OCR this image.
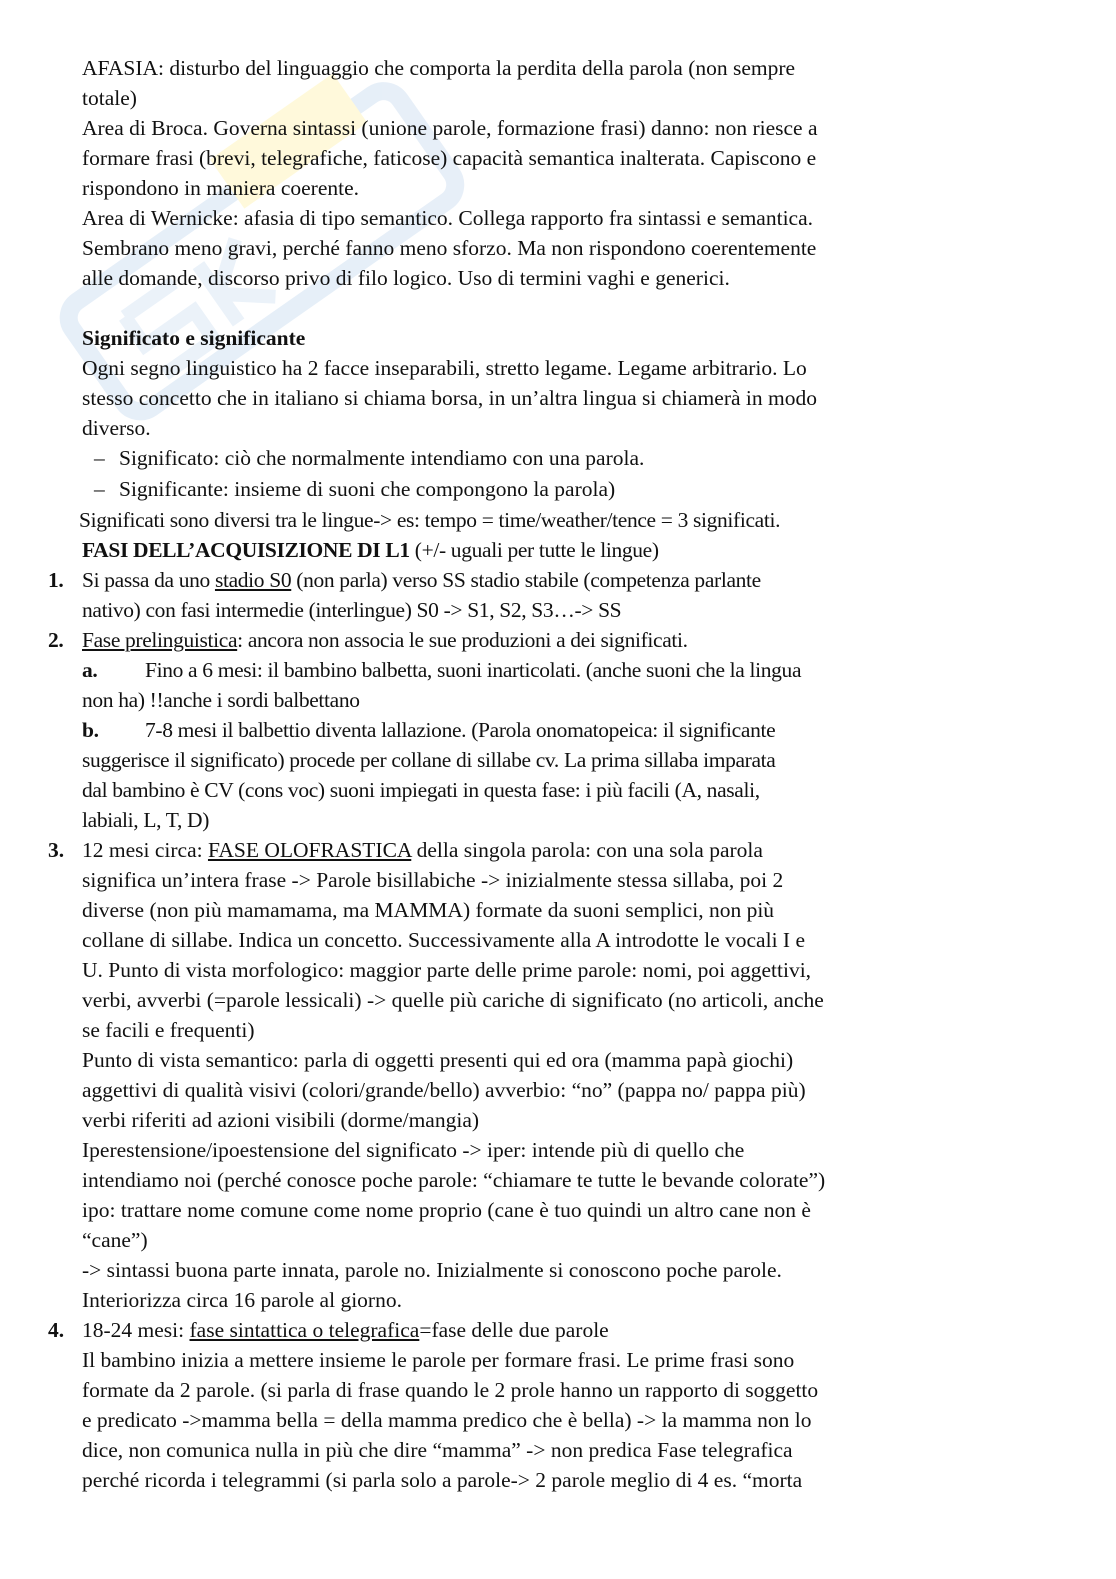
AFASIA: disturbo del linguaggio che comporta la perdita della parola (non sempre
totale)
Area di Broca. Governa sintassi (unione parole, formazione frasi) danno: non riesce a
formare frasi (brevi, telegrafiche, faticose) capacità semantica inalterata. Capiscono e
rispondono in maniera coerente.
Area di Wernicke: afasia di tipo semantico. Collega rapporto fra sintassi e semantica.
Sembrano meno gravi, perché fanno meno sforzo. Ma non rispondono coerentemente
alle domande, discorso privo di filo logico. Uso di termini vaghi e generici.
Significato e significante
Ogni segno linguistico ha 2 facce inseparabili, stretto legame. Legame arbitrario. Lo
stesso concetto che in italiano si chiama borsa, in un’altra lingua si chiamerà in modo
diverso.
– Significato: ciò che normalmente intendiamo con una parola.
– Significante: insieme di suoni che compongono la parola)
Significati sono diversi tra le lingue-> es: tempo = time/weather/tence = 3 significati.
FASI DELL’ACQUISIZIONE DI L1 (+/- uguali per tutte le lingue)
1. Si passa da uno stadio S0 (non parla) verso SS stadio stabile (competenza parlante
nativo) con fasi intermedie (interlingue) S0 -> S1, S2, S3…-> SS
2. Fase prelinguistica: ancora non associa le sue produzioni a dei significati.
a. Fino a 6 mesi: il bambino balbetta, suoni inarticolati. (anche suoni che la lingua
non ha) !!anche i sordi balbettano
b. 7-8 mesi il balbettio diventa lallazione. (Parola onomatopeica: il significante
suggerisce il significato) procede per collane di sillabe cv. La prima sillaba imparata
dal bambino è CV (cons voc) suoni impiegati in questa fase: i più facili (A, nasali,
labiali, L, T, D)
3. 12 mesi circa: FASE OLOFRASTICA della singola parola: con una sola parola
significa un’intera frase -> Parole bisillabiche -> inizialmente stessa sillaba, poi 2
diverse (non più mamamama, ma MAMMA) formate da suoni semplici, non più
collane di sillabe. Indica un concetto. Successivamente alla A introdotte le vocali I e
U. Punto di vista morfologico: maggior parte delle prime parole: nomi, poi aggettivi,
verbi, avverbi (=parole lessicali) -> quelle più cariche di significato (no articoli, anche
se facili e frequenti)
Punto di vista semantico: parla di oggetti presenti qui ed ora (mamma papà giochi)
aggettivi di qualità visivi (colori/grande/bello) avverbio: “no” (pappa no/ pappa più)
verbi riferiti ad azioni visibili (dorme/mangia)
Iperestensione/ipoestensione del significato -> iper: intende più di quello che
intendiamo noi (perché conosce poche parole: “chiamare te tutte le bevande colorate”)
ipo: trattare nome comune come nome proprio (cane è tuo quindi un altro cane non è
“cane”)
-> sintassi buona parte innata, parole no. Inizialmente si conoscono poche parole.
Interiorizza circa 16 parole al giorno.
4. 18-24 mesi: fase sintattica o telegrafica=fase delle due parole
Il bambino inizia a mettere insieme le parole per formare frasi. Le prime frasi sono
formate da 2 parole. (si parla di frase quando le 2 prole hanno un rapporto di soggetto
e predicato ->mamma bella = della mamma predico che è bella) -> la mamma non lo
dice, non comunica nulla in più che dire “mamma” -> non predica Fase telegrafica
perché ricorda i telegrammi (si parla solo a parole-> 2 parole meglio di 4 es. “morta
